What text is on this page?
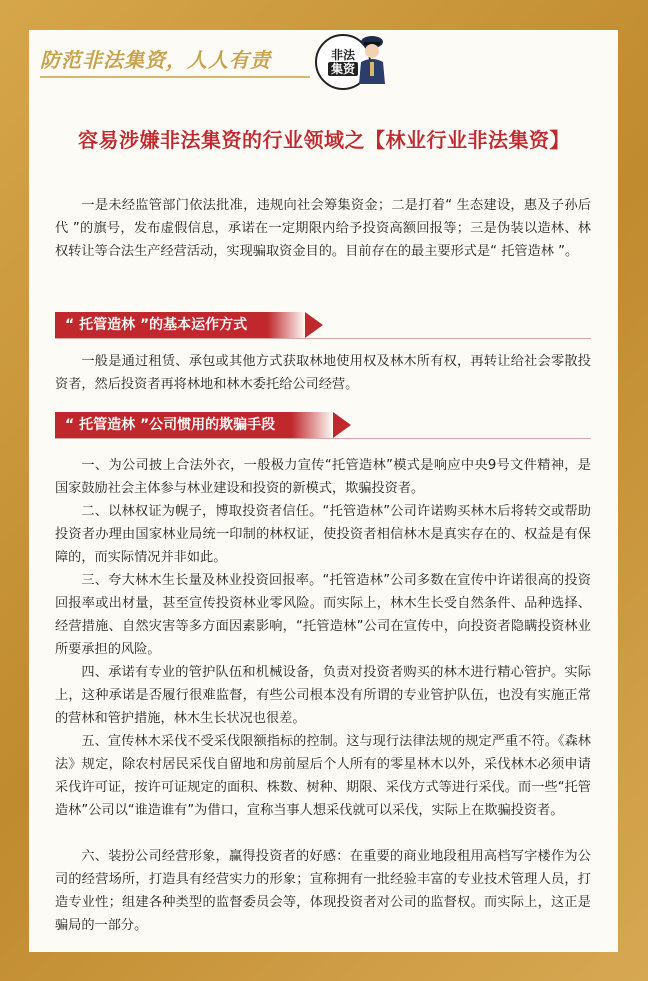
防范非法集资，人人有责	非法
集资
容易涉嫌非法集资的行业领域之【林业行业非法集资】
一是未经监管部门依法批准，违规向社会筹集资金；二是打着“ 生态建设，惠及子孙后代 ”的旗号，发布虚假信息，承诺在一定期限内给予投资高额回报等；三是伪装以造林、林权转让等合法生产经营活动，实现骗取资金目的。目前存在的最主要形式是“ 托管造林 ”。
“ 托管造林 ”的基本运作方式
一般是通过租赁、承包或其他方式获取林地使用权及林木所有权，再转让给社会零散投资者，然后投资者再将林地和林木委托给公司经营。
“ 托管造林 ”公司惯用的欺骗手段
一、为公司披上合法外衣，一般极力宣传“托管造林”模式是响应中央9号文件精神，是国家鼓励社会主体参与林业建设和投资的新模式，欺骗投资者。
二、以林权证为幌子，博取投资者信任。“托管造林”公司许诺购买林木后将转交或帮助投资者办理由国家林业局统一印制的林权证，使投资者相信林木是真实存在的、权益是有保障的，而实际情况并非如此。
三、夸大林木生长量及林业投资回报率。“托管造林”公司多数在宣传中许诺很高的投资回报率或出材量，甚至宣传投资林业零风险。而实际上，林木生长受自然条件、品种选择、经营措施、自然灾害等多方面因素影响，“托管造林”公司在宣传中，向投资者隐瞒投资林业所要承担的风险。
四、承诺有专业的管护队伍和机械设备，负责对投资者购买的林木进行精心管护。实际上，这种承诺是否履行很难监督，有些公司根本没有所谓的专业管护队伍，也没有实施正常的营林和管护措施，林木生长状况也很差。
五、宣传林木采伐不受采伐限额指标的控制。这与现行法律法规的规定严重不符。《森林法》规定，除农村居民采伐自留地和房前屋后个人所有的零星林木以外，采伐林木必须申请采伐许可证，按许可证规定的面积、株数、树种、期限、采伐方式等进行采伐。而一些“托管造林”公司以“谁造谁有”为借口，宣称当事人想采伐就可以采伐，实际上在欺骗投资者。
六、装扮公司经营形象，赢得投资者的好感：在重要的商业地段租用高档写字楼作为公司的经营场所，打造具有经营实力的形象；宣称拥有一批经验丰富的专业技术管理人员，打造专业性；组建各种类型的监督委员会等，体现投资者对公司的监督权。而实际上，这正是骗局的一部分。
